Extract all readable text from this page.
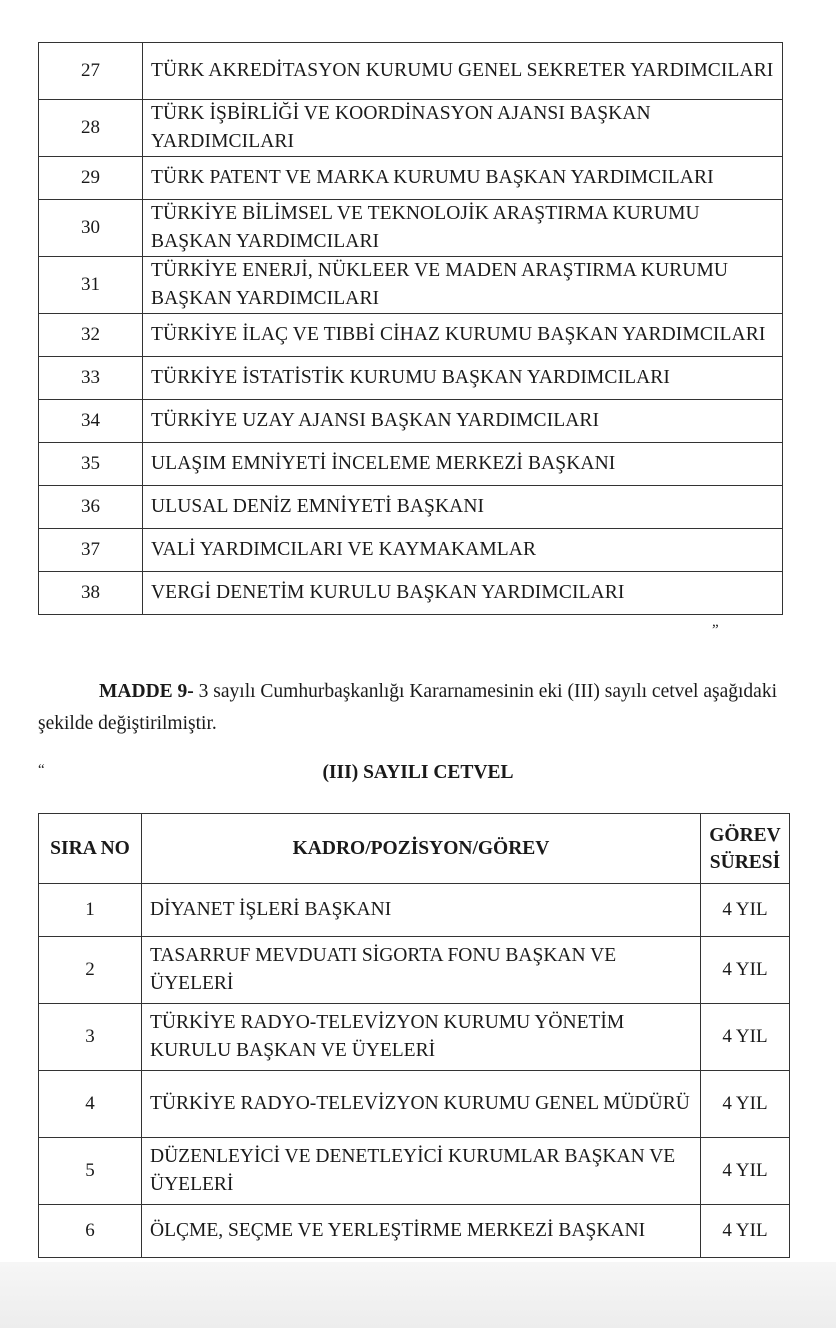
27	TÜRK AKREDİTASYON KURUMU GENEL SEKRETER YARDIMCILARI
28	TÜRK İŞBİRLİĞİ VE KOORDİNASYON AJANSI BAŞKAN YARDIMCILARI
29	TÜRK PATENT VE MARKA KURUMU BAŞKAN YARDIMCILARI
30	TÜRKİYE BİLİMSEL VE TEKNOLOJİK ARAŞTIRMA KURUMU BAŞKAN YARDIMCILARI
31	TÜRKİYE ENERJİ, NÜKLEER VE MADEN ARAŞTIRMA KURUMU BAŞKAN YARDIMCILARI
32	TÜRKİYE İLAÇ VE TIBBİ CİHAZ KURUMU BAŞKAN YARDIMCILARI
33	TÜRKİYE İSTATİSTİK KURUMU BAŞKAN YARDIMCILARI
34	TÜRKİYE UZAY AJANSI BAŞKAN YARDIMCILARI
35	ULAŞIM EMNİYETİ İNCELEME MERKEZİ BAŞKANI
36	ULUSAL DENİZ EMNİYETİ BAŞKANI
37	VALİ YARDIMCILARI VE KAYMAKAMLAR
38	VERGİ DENETİM KURULU BAŞKAN YARDIMCILARI
”
MADDE 9- 3 sayılı Cumhurbaşkanlığı Kararnamesinin eki (III) sayılı cetvel aşağıdaki şekilde değiştirilmiştir.
“	(III) SAYILI CETVEL
SIRA NO	KADRO/POZİSYON/GÖREV	GÖREV
SÜRESİ
1	DİYANET İŞLERİ BAŞKANI	4 YIL
2	TASARRUF MEVDUATI SİGORTA FONU BAŞKAN VE ÜYELERİ	4 YIL
3	TÜRKİYE RADYO-TELEVİZYON KURUMU YÖNETİM KURULU BAŞKAN VE ÜYELERİ	4 YIL
4	TÜRKİYE RADYO-TELEVİZYON KURUMU GENEL MÜDÜRÜ	4 YIL
5	DÜZENLEYİCİ VE DENETLEYİCİ KURUMLAR BAŞKAN VE ÜYELERİ	4 YIL
6	ÖLÇME, SEÇME VE YERLEŞTİRME MERKEZİ BAŞKANI	4 YIL
